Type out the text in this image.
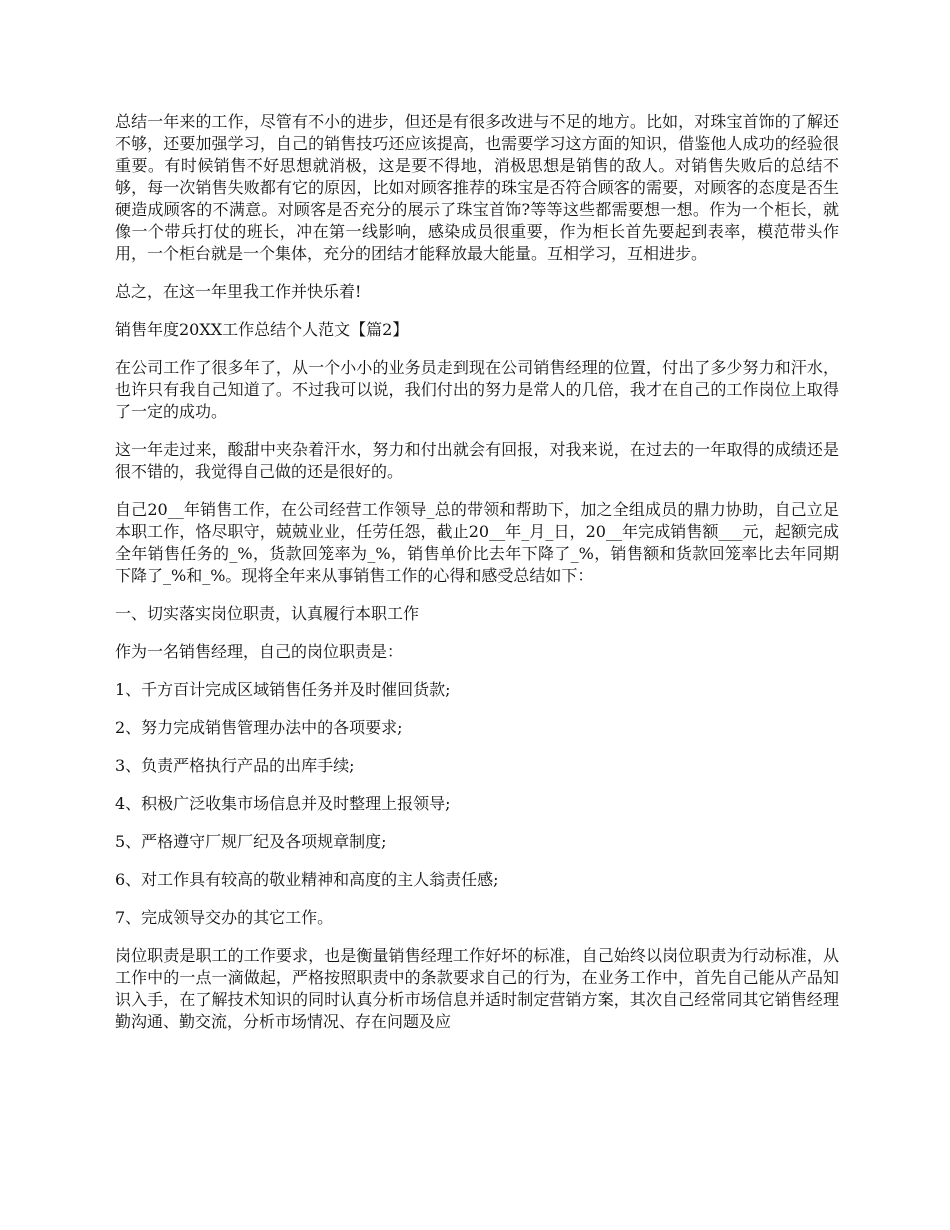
总结一年来的工作，尽管有不小的进步，但还是有很多改进与不足的地方。比如，对珠宝首饰的了解还不够，还要加强学习，自己的销售技巧还应该提高，也需要学习这方面的知识，借鉴他人成功的经验很重要。有时候销售不好思想就消极，这是要不得地，消极思想是销售的敌人。对销售失败后的总结不够，每一次销售失败都有它的原因，比如对顾客推荐的珠宝是否符合顾客的需要，对顾客的态度是否生硬造成顾客的不满意。对顾客是否充分的展示了珠宝首饰?等等这些都需要想一想。作为一个柜长，就像一个带兵打仗的班长，冲在第一线影响，感染成员很重要，作为柜长首先要起到表率，模范带头作用，一个柜台就是一个集体，充分的团结才能释放最大能量。互相学习，互相进步。

总之，在这一年里我工作并快乐着!

销售年度20XX工作总结个人范文【篇2】

在公司工作了很多年了，从一个小小的业务员走到现在公司销售经理的位置，付出了多少努力和汗水，也许只有我自己知道了。不过我可以说，我们付出的努力是常人的几倍，我才在自己的工作岗位上取得了一定的成功。

这一年走过来，酸甜中夹杂着汗水，努力和付出就会有回报，对我来说，在过去的一年取得的成绩还是很不错的，我觉得自己做的还是很好的。

自己20__年销售工作，在公司经营工作领导_总的带领和帮助下，加之全组成员的鼎力协助，自己立足本职工作，恪尽职守，兢兢业业，任劳任怨，截止20__年_月_日，20__年完成销售额___元，起额完成全年销售任务的_%，货款回笼率为_%，销售单价比去年下降了_%，销售额和货款回笼率比去年同期下降了_%和_%。现将全年来从事销售工作的心得和感受总结如下：

一、切实落实岗位职责，认真履行本职工作

作为一名销售经理，自己的岗位职责是：

1、千方百计完成区域销售任务并及时催回货款;

2、努力完成销售管理办法中的各项要求;

3、负责严格执行产品的出库手续;

4、积极广泛收集市场信息并及时整理上报领导;

5、严格遵守厂规厂纪及各项规章制度;

6、对工作具有较高的敬业精神和高度的主人翁责任感;

7、完成领导交办的其它工作。

岗位职责是职工的工作要求，也是衡量销售经理工作好坏的标准，自己始终以岗位职责为行动标准，从工作中的一点一滴做起，严格按照职责中的条款要求自己的行为，在业务工作中，首先自己能从产品知识入手，在了解技术知识的同时认真分析市场信息并适时制定营销方案，其次自己经常同其它销售经理勤沟通、勤交流，分析市场情况、存在问题及应
